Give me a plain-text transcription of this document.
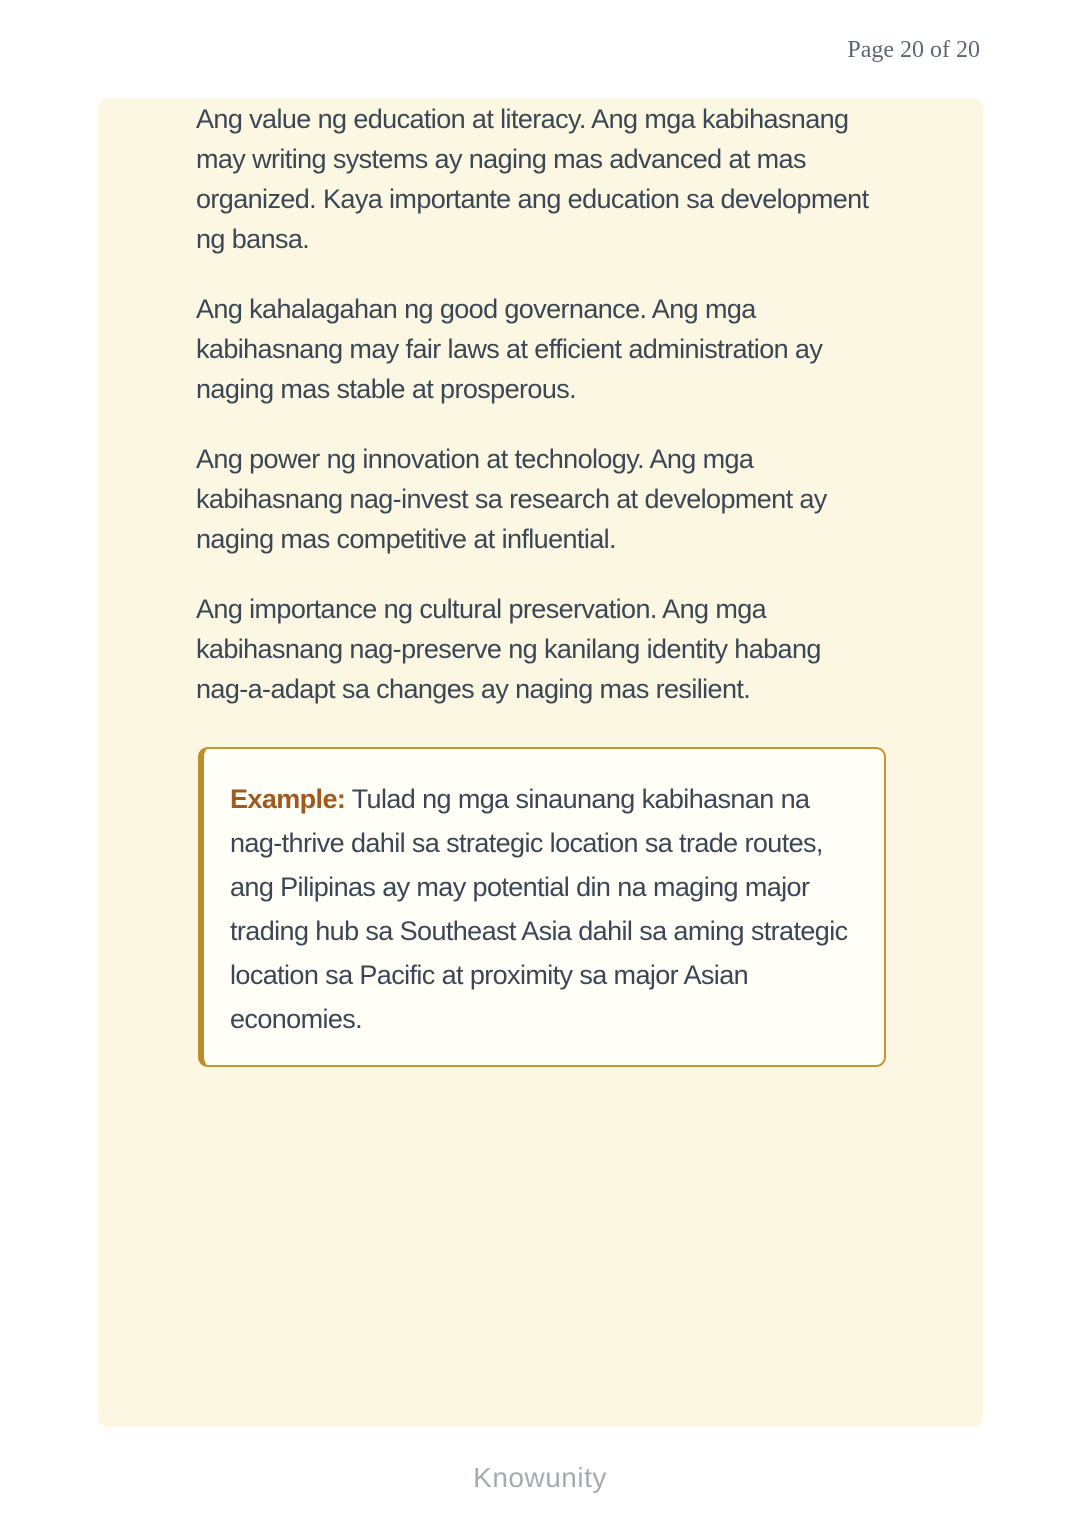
Page 20 of 20

Ang value ng education at literacy. Ang mga kabihasnang may writing systems ay naging mas advanced at mas organized. Kaya importante ang education sa development ng bansa.

Ang kahalagahan ng good governance. Ang mga kabihasnang may fair laws at efficient administration ay naging mas stable at prosperous.

Ang power ng innovation at technology. Ang mga kabihasnang nag-invest sa research at development ay naging mas competitive at influential.

Ang importance ng cultural preservation. Ang mga kabihasnang nag-preserve ng kanilang identity habang nag-a-adapt sa changes ay naging mas resilient.

Example: Tulad ng mga sinaunang kabihasnan na nag-thrive dahil sa strategic location sa trade routes, ang Pilipinas ay may potential din na maging major trading hub sa Southeast Asia dahil sa aming strategic location sa Pacific at proximity sa major Asian economies.

Knowunity
